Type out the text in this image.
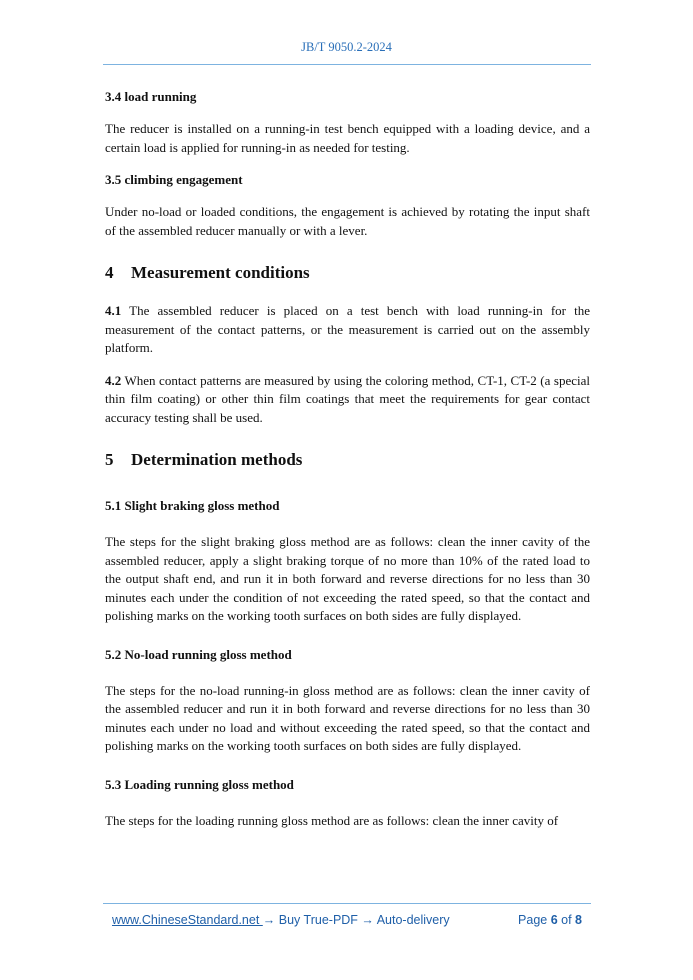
JB/T 9050.2-2024

3.4 load running

The reducer is installed on a running-in test bench equipped with a loading device, and a certain load is applied for running-in as needed for testing.

3.5 climbing engagement

Under no-load or loaded conditions, the engagement is achieved by rotating the input shaft of the assembled reducer manually or with a lever.

4 Measurement conditions

4.1 The assembled reducer is placed on a test bench with load running-in for the measurement of the contact patterns, or the measurement is carried out on the assembly platform.

4.2 When contact patterns are measured by using the coloring method, CT-1, CT-2 (a special thin film coating) or other thin film coatings that meet the requirements for gear contact accuracy testing shall be used.

5 Determination methods

5.1 Slight braking gloss method

The steps for the slight braking gloss method are as follows: clean the inner cavity of the assembled reducer, apply a slight braking torque of no more than 10% of the rated load to the output shaft end, and run it in both forward and reverse directions for no less than 30 minutes each under the condition of not exceeding the rated speed, so that the contact and polishing marks on the working tooth surfaces on both sides are fully displayed.

5.2 No-load running gloss method

The steps for the no-load running-in gloss method are as follows: clean the inner cavity of the assembled reducer and run it in both forward and reverse directions for no less than 30 minutes each under no load and without exceeding the rated speed, so that the contact and polishing marks on the working tooth surfaces on both sides are fully displayed.

5.3 Loading running gloss method

The steps for the loading running gloss method are as follows: clean the inner cavity of

www.ChineseStandard.net → Buy True-PDF → Auto-delivery	Page 6 of 8
